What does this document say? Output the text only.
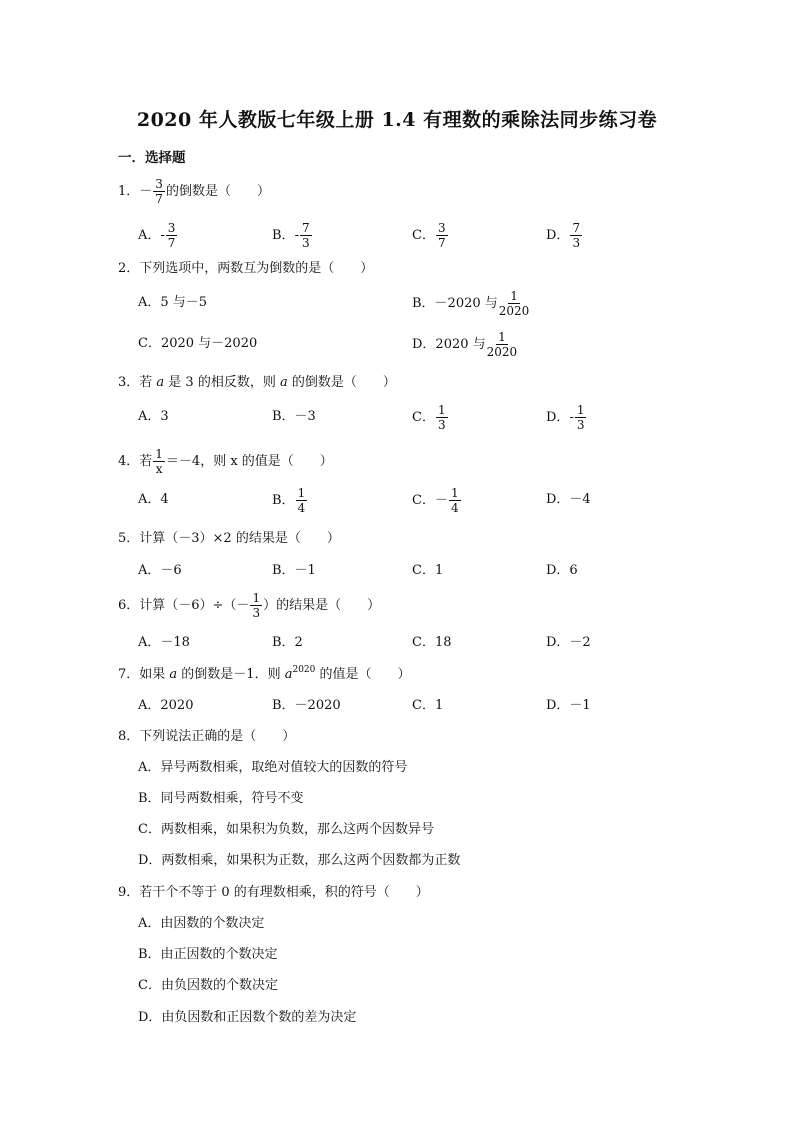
2020 年人教版七年级上册 1.4 有理数的乘除法同步练习卷
一．选择题
1．－ $\frac{3}{7}$ 的倒数是（　　）
A．- $\frac{3}{7}$	B．- $\frac{7}{3}$	C． $\frac{3}{7}$	D． $\frac{7}{3}$
2．下列选项中，两数互为倒数的是（　　）
A．5 与－5	B．－2020 与 $\frac{1}{2020}$
C．2020 与－2020	D．2020 与 $\frac{1}{2020}$
3．若 a 是 3 的相反数，则 a 的倒数是（　　）
A．3	B．－3	C． $\frac{1}{3}$	D．- $\frac{1}{3}$
4．若 $\frac{1}{x} =-4$，则 x 的值是（　　）
A．4	B． $\frac{1}{4}$	C．－ $\frac{1}{4}$	D．－4
5．计算（－3）×2 的结果是（　　）
A．－6	B．－1	C．1	D．6
6．计算$(-6)\div(- \frac{1}{3}$ ）的结果是（　　）
A．－18	B．2	C．18	D．－2
7．如果 a 的倒数是－1．则 $a^{2020}$ 的值是（　　）
A．2020	B．－2020	C．1	D．－1
8．下列说法正确的是（　　）
A．异号两数相乘，取绝对值较大的因数的符号
B．同号两数相乘，符号不变
C．两数相乘，如果积为负数，那么这两个因数异号
D．两数相乘，如果积为正数，那么这两个因数都为正数
9．若干个不等于 0 的有理数相乘，积的符号（　　）
A．由因数的个数决定
B．由正因数的个数决定
C．由负因数的个数决定
D．由负因数和正因数个数的差为决定
